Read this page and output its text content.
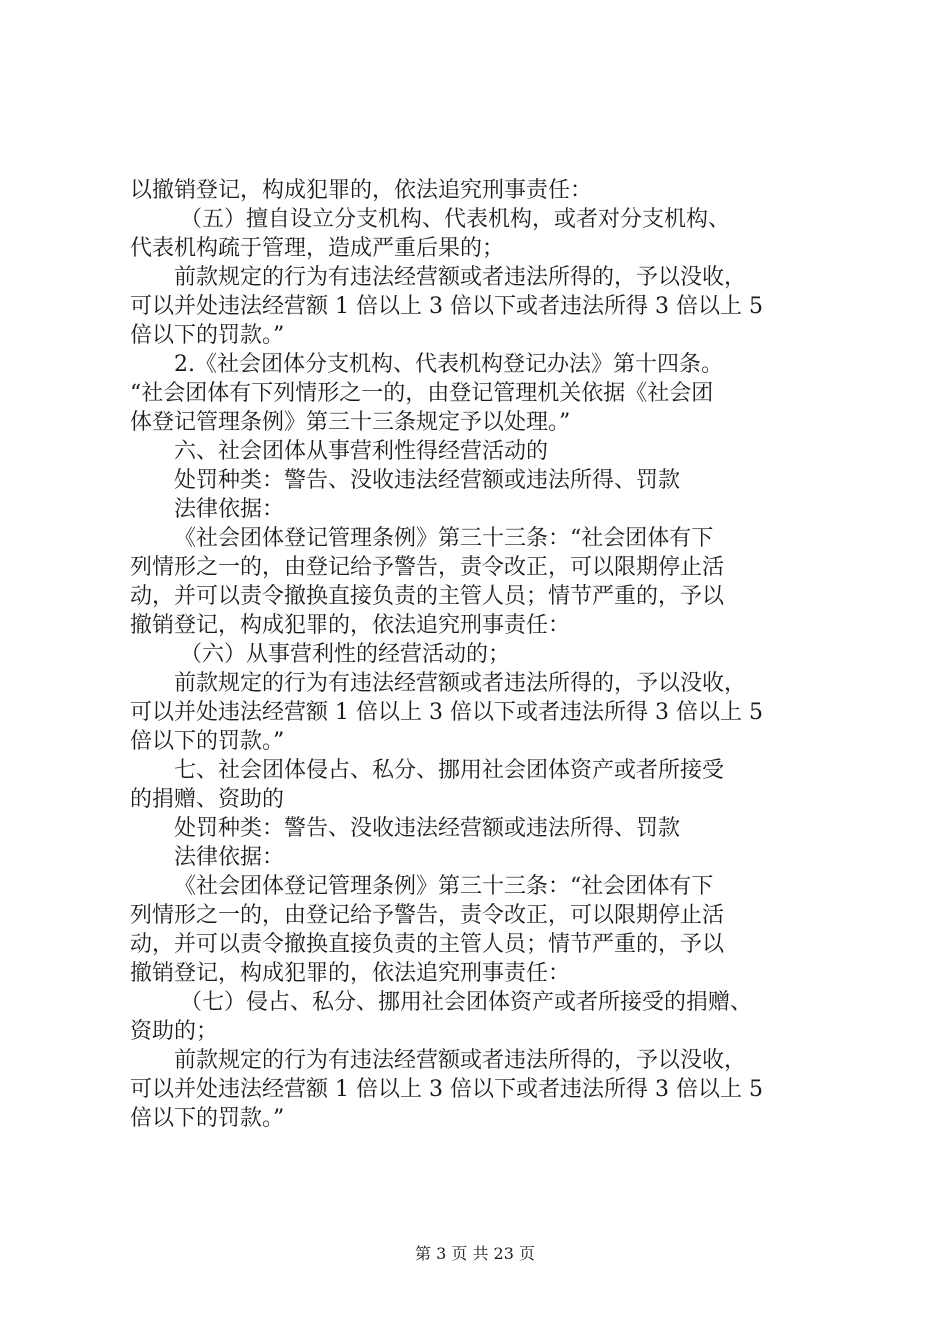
以撤销登记，构成犯罪的，依法追究刑事责任：
（五）擅自设立分支机构、代表机构，或者对分支机构、
代表机构疏于管理，造成严重后果的；
前款规定的行为有违法经营额或者违法所得的，予以没收，
可以并处违法经营额 1 倍以上 3 倍以下或者违法所得 3 倍以上 5
倍以下的罚款。”
2.《社会团体分支机构、代表机构登记办法》第十四条。
“社会团体有下列情形之一的，由登记管理机关依据《社会团
体登记管理条例》第三十三条规定予以处理。”
六、社会团体从事营利性得经营活动的
处罚种类：警告、没收违法经营额或违法所得、罚款
法律依据：
《社会团体登记管理条例》第三十三条：“社会团体有下
列情形之一的，由登记给予警告，责令改正，可以限期停止活
动，并可以责令撤换直接负责的主管人员；情节严重的，予以
撤销登记，构成犯罪的，依法追究刑事责任：
（六）从事营利性的经营活动的；
前款规定的行为有违法经营额或者违法所得的，予以没收，
可以并处违法经营额 1 倍以上 3 倍以下或者违法所得 3 倍以上 5
倍以下的罚款。”
七、社会团体侵占、私分、挪用社会团体资产或者所接受
的捐赠、资助的
处罚种类：警告、没收违法经营额或违法所得、罚款
法律依据：
《社会团体登记管理条例》第三十三条：“社会团体有下
列情形之一的，由登记给予警告，责令改正，可以限期停止活
动，并可以责令撤换直接负责的主管人员；情节严重的，予以
撤销登记，构成犯罪的，依法追究刑事责任：
（七）侵占、私分、挪用社会团体资产或者所接受的捐赠、
资助的；
前款规定的行为有违法经营额或者违法所得的，予以没收，
可以并处违法经营额 1 倍以上 3 倍以下或者违法所得 3 倍以上 5
倍以下的罚款。”
第 3 页 共 23 页
